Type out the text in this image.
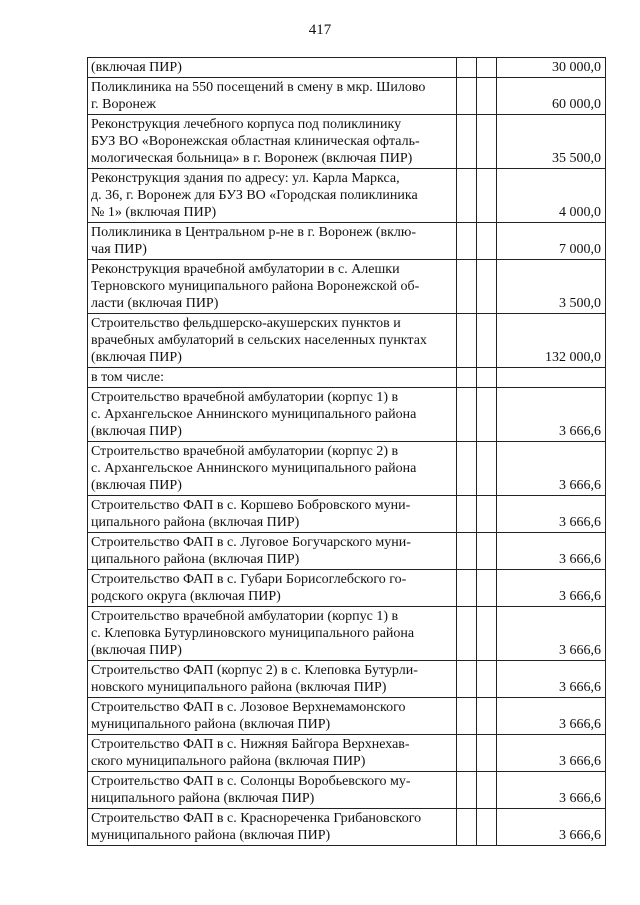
417
(включая ПИР)			30 000,0

Поликлиника на 550 посещений в смену в мкр. Шилово
г. Воронеж			60 000,0

Реконструкция лечебного корпуса под поликлинику
БУЗ ВО «Воронежская областная клиническая офталь-
мологическая больница» в г. Воронеж (включая ПИР)			35 500,0

Реконструкция здания по адресу: ул. Карла Маркса,
д. 36, г. Воронеж для БУЗ ВО «Городская поликлиника
№ 1» (включая ПИР)			4 000,0

Поликлиника в Центральном р-не в г. Воронеж (вклю-
чая ПИР)			7 000,0

Реконструкция врачебной амбулатории в с. Алешки
Терновского муниципального района Воронежской об-
ласти (включая ПИР)			3 500,0

Строительство фельдшерско-акушерских пунктов и
врачебных амбулаторий в сельских населенных пунктах
(включая ПИР)			132 000,0

в том числе:			

Строительство врачебной амбулатории (корпус 1) в
с. Архангельское Аннинского муниципального района
(включая ПИР)			3 666,6

Строительство врачебной амбулатории (корпус 2) в
с. Архангельское Аннинского муниципального района
(включая ПИР)			3 666,6

Строительство ФАП в с. Коршево Бобровского муни-
ципального района (включая ПИР)			3 666,6

Строительство ФАП в с. Луговое Богучарского муни-
ципального района (включая ПИР)			3 666,6

Строительство ФАП в с. Губари Борисоглебского го-
родского округа (включая ПИР)			3 666,6

Строительство врачебной амбулатории (корпус 1) в
с. Клеповка Бутурлиновского муниципального района
(включая ПИР)			3 666,6

Строительство ФАП (корпус 2) в с. Клеповка Бутурли-
новского муниципального района (включая ПИР)			3 666,6

Строительство ФАП в с. Лозовое Верхнемамонского
муниципального района (включая ПИР)			3 666,6

Строительство ФАП в с. Нижняя Байгора Верхнехав-
ского муниципального района (включая ПИР)			3 666,6

Строительство ФАП в с. Солонцы Воробьевского му-
ниципального района (включая ПИР)			3 666,6

Строительство ФАП в с. Краснореченка Грибановского
муниципального района (включая ПИР)			3 666,6
